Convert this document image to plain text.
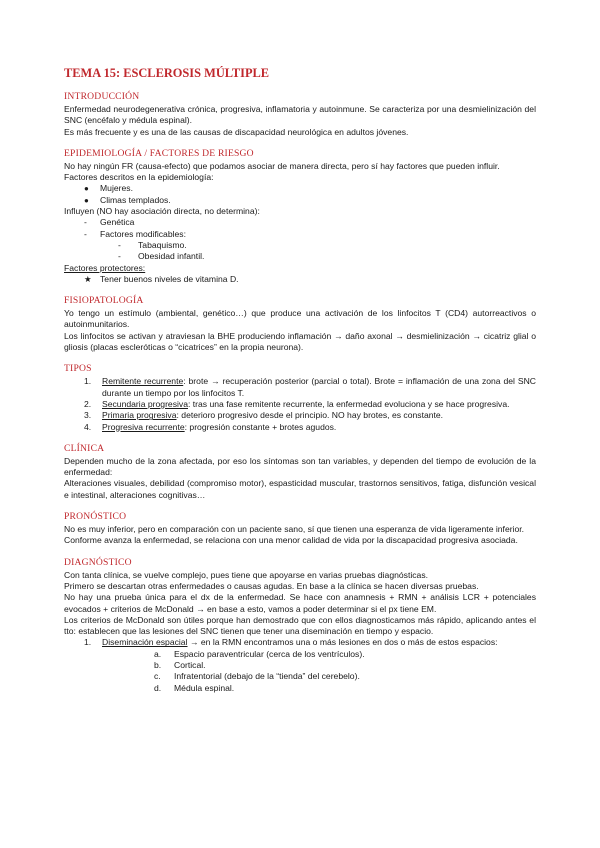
TEMA 15: ESCLEROSIS MÚLTIPLE
INTRODUCCIÓN

Enfermedad neurodegenerativa crónica, progresiva, inflamatoria y autoinmune. Se caracteriza por una desmielinización del SNC (encéfalo y médula espinal).

Es más frecuente y es una de las causas de discapacidad neurológica en adultos jóvenes.

EPIDEMIOLOGÍA / FACTORES DE RIESGO

No hay ningún FR (causa-efecto) que podamos asociar de manera directa, pero sí hay factores que pueden influir.

Factores descritos en la epidemiología:

● Mujeres.
● Climas templados.

Influyen (NO hay asociación directa, no determina):

- Genética
- Factores modificables:
- Tabaquismo.
- Obesidad infantil.

Factores protectores:

★ Tener buenos niveles de vitamina D.
FISIOPATOLOGÍA

Yo tengo un estímulo (ambiental, genético…) que produce una activación de los linfocitos T (CD4) autorreactivos o autoinmunitarios.

Los linfocitos se activan y atraviesan la BHE produciendo inflamación → daño axonal → desmielinización → cicatriz glial o gliosis (placas escleróticas o “cicatrices” en la propia neurona).

TIPOS
1. Remitente recurrente: brote → recuperación posterior (parcial o total). Brote = inflamación de una zona del SNC durante un tiempo por los linfocitos T.
2. Secundaria progresiva: tras una fase remitente recurrente, la enfermedad evoluciona y se hace progresiva.
3. Primaria progresiva: deterioro progresivo desde el principio. NO hay brotes, es constante.
4. Progresiva recurrente: progresión constante + brotes agudos.
CLÍNICA

Dependen mucho de la zona afectada, por eso los síntomas son tan variables, y dependen del tiempo de evolución de la enfermedad:

Alteraciones visuales, debilidad (compromiso motor), espasticidad muscular, trastornos sensitivos, fatiga, disfunción vesical e intestinal, alteraciones cognitivas…

PRONÓSTICO

No es muy inferior, pero en comparación con un paciente sano, sí que tienen una esperanza de vida ligeramente inferior.

Conforme avanza la enfermedad, se relaciona con una menor calidad de vida por la discapacidad progresiva asociada.

DIAGNÓSTICO

Con tanta clínica, se vuelve complejo, pues tiene que apoyarse en varias pruebas diagnósticas.

Primero se descartan otras enfermedades o causas agudas. En base a la clínica se hacen diversas pruebas.

No hay una prueba única para el dx de la enfermedad. Se hace con anamnesis + RMN + análisis LCR + potenciales evocados + criterios de McDonald → en base a esto, vamos a poder determinar si el px tiene EM.

Los criterios de McDonald son útiles porque han demostrado que con ellos diagnosticamos más rápido, aplicando antes el tto: establecen que las lesiones del SNC tienen que tener una diseminación en tiempo y espacio.

1. Diseminación espacial → en la RMN encontramos una o más lesiones en dos o más de estos espacios:
a. Espacio paraventricular (cerca de los ventrículos).
b. Cortical.
c. Infratentorial (debajo de la “tienda” del cerebelo).
d. Médula espinal.
